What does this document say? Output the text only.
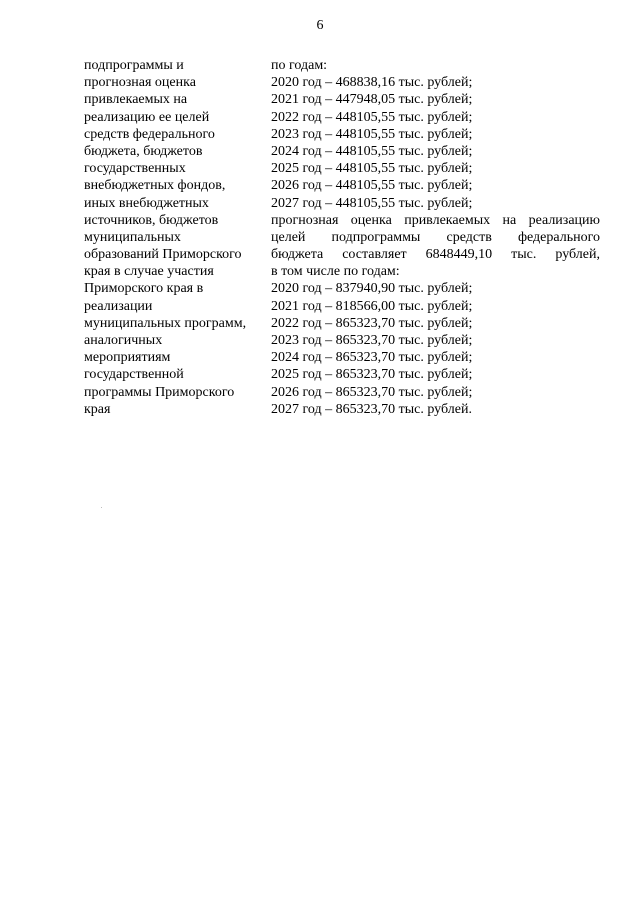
6
подпрограммы и
прогнозная оценка
привлекаемых на
реализацию ее целей
средств федерального
бюджета, бюджетов
государственных
внебюджетных фондов,
иных внебюджетных
источников, бюджетов
муниципальных
образований Приморского
края в случае участия
Приморского края в
реализации
муниципальных программ,
аналогичных
мероприятиям
государственной
программы Приморского
края
по годам:
2020 год – 468838,16 тыс. рублей;
2021 год – 447948,05 тыс. рублей;
2022 год – 448105,55 тыс. рублей;
2023 год – 448105,55 тыс. рублей;
2024 год – 448105,55 тыс. рублей;
2025 год – 448105,55 тыс. рублей;
2026 год – 448105,55 тыс. рублей;
2027 год – 448105,55 тыс. рублей;
прогнозная оценка привлекаемых на реализацию
целей подпрограммы средств федерального
бюджета составляет 6848449,10 тыс. рублей,
в том числе по годам:
2020 год – 837940,90 тыс. рублей;
2021 год – 818566,00 тыс. рублей;
2022 год – 865323,70 тыс. рублей;
2023 год – 865323,70 тыс. рублей;
2024 год – 865323,70 тыс. рублей;
2025 год – 865323,70 тыс. рублей;
2026 год – 865323,70 тыс. рублей;
2027 год – 865323,70 тыс. рублей.
